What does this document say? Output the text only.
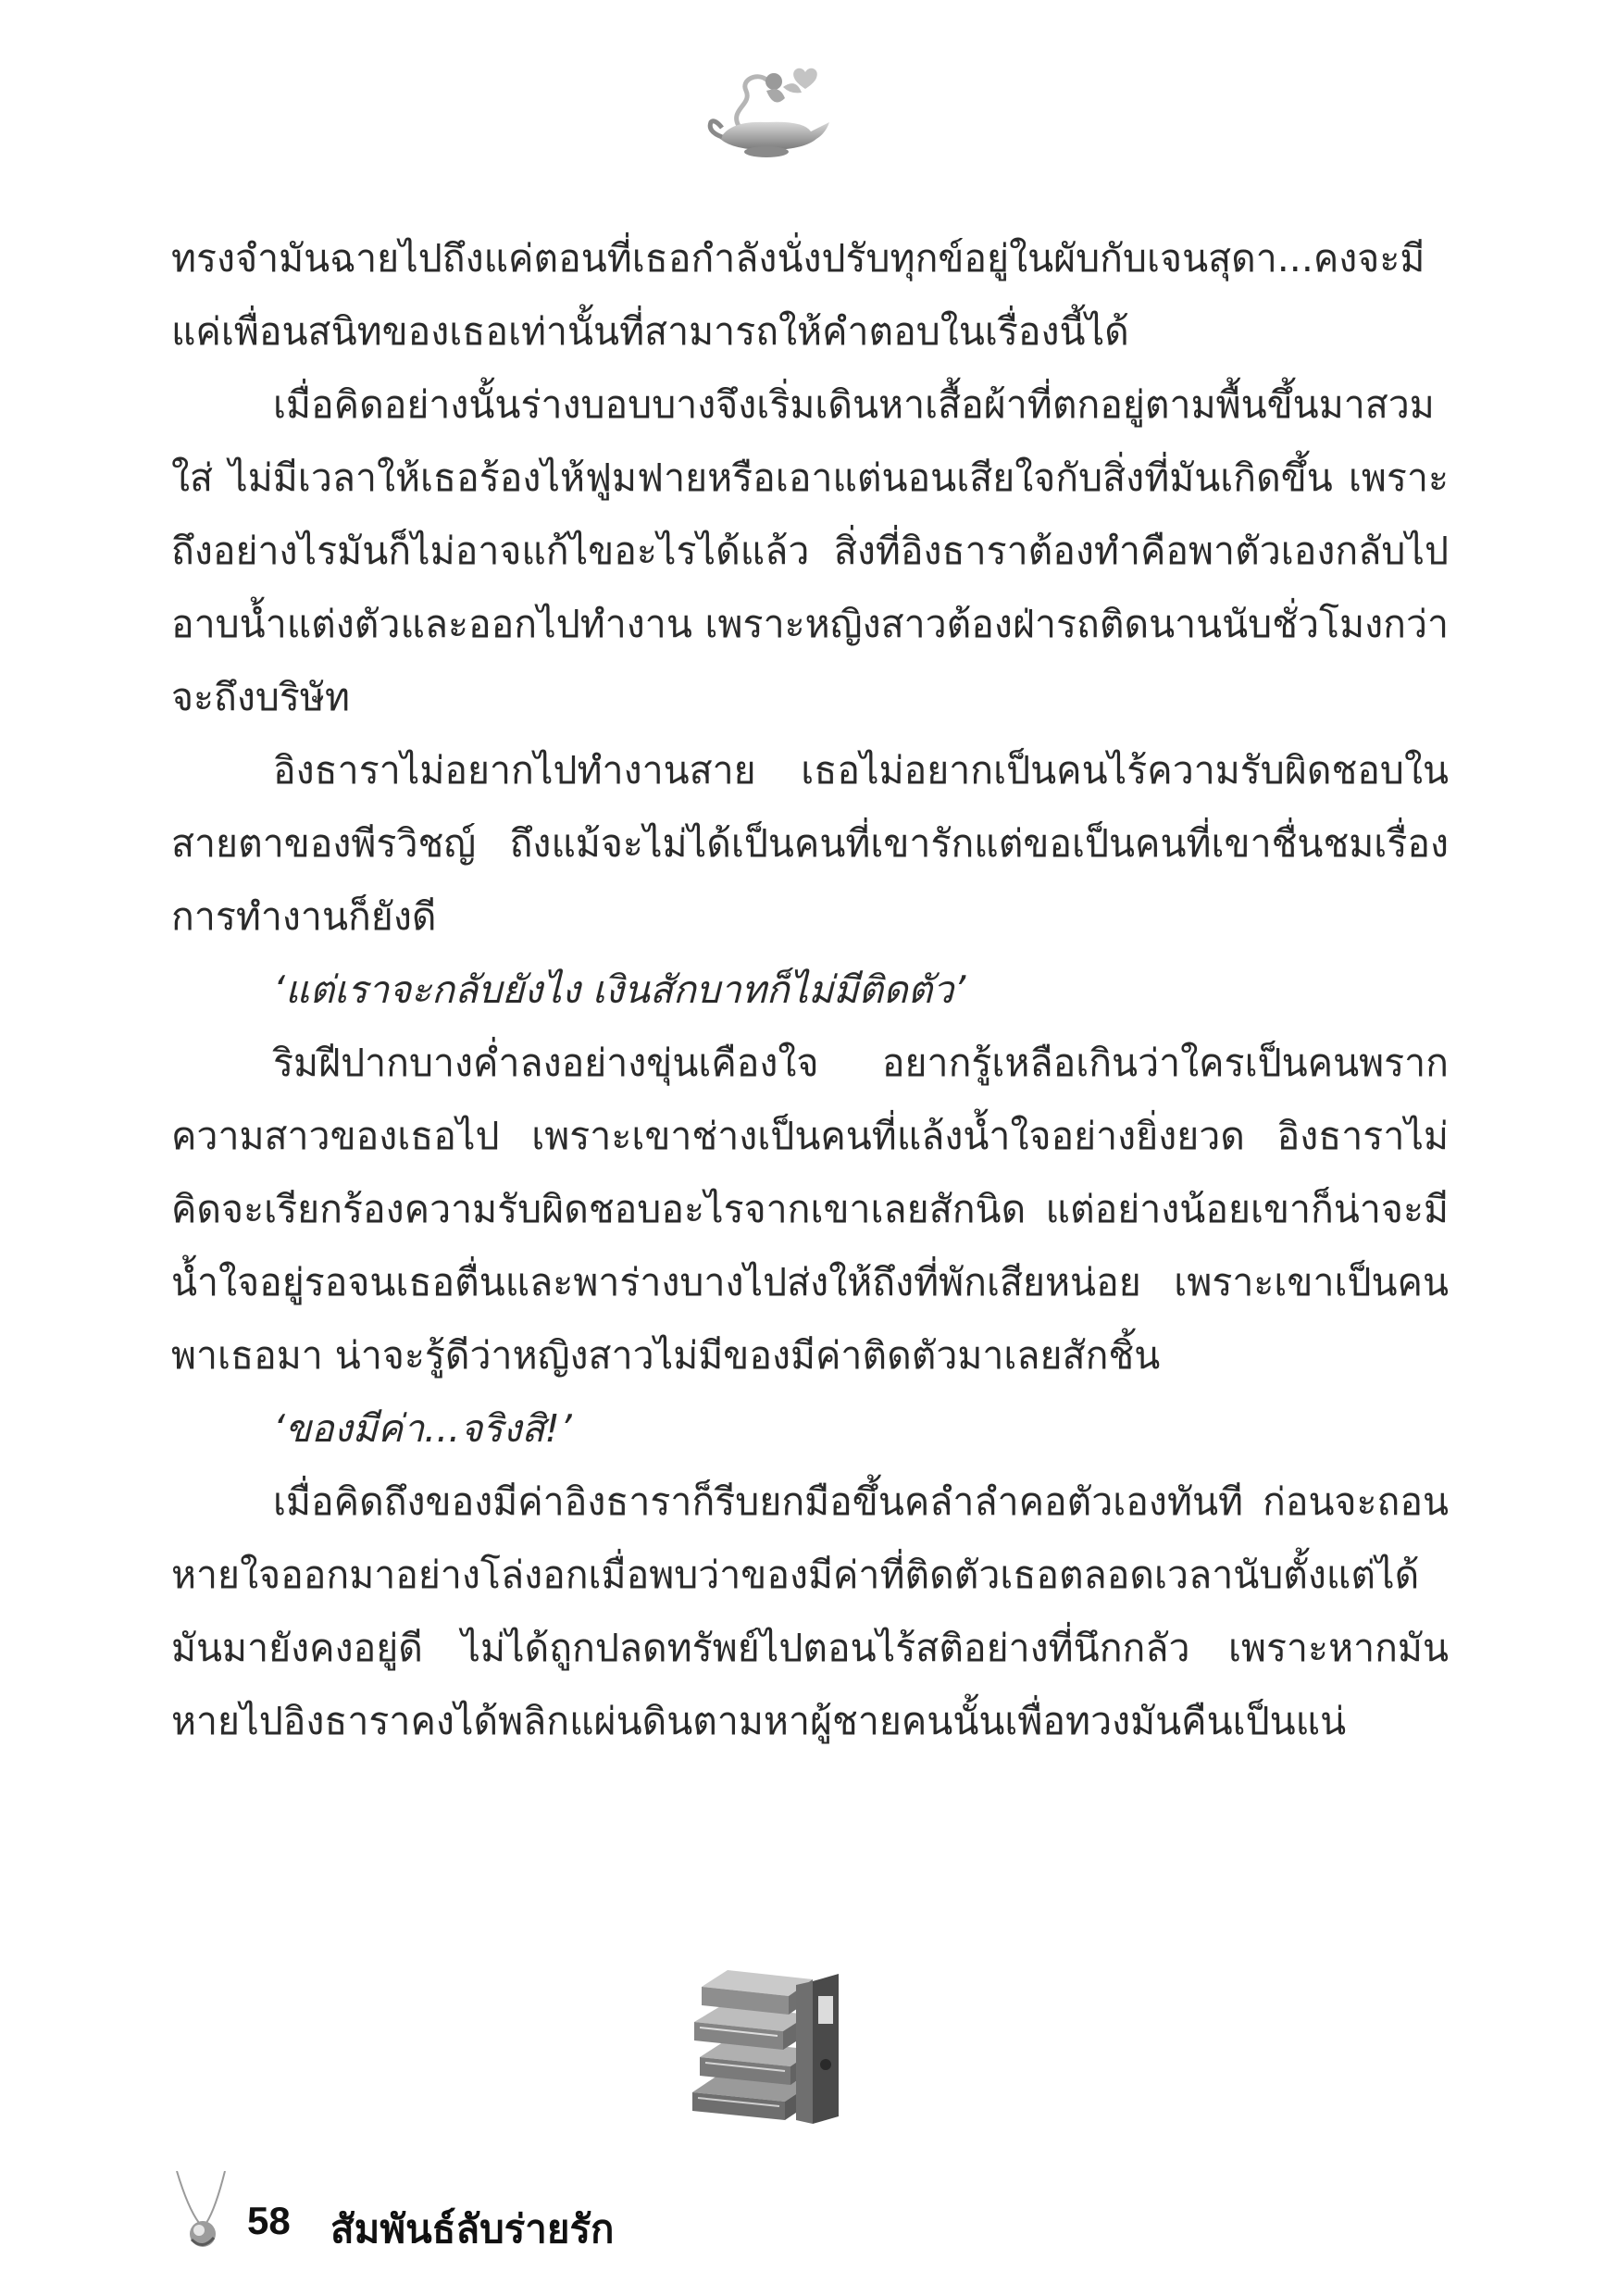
ทรงจำมันฉายไปถึงแค่ตอนที่เธอกำลังนั่งปรับทุกข์อยู่ในผับกับเจนสุดา...คงจะมีแค่เพื่อนสนิทของเธอเท่านั้นที่สามารถให้คำตอบในเรื่องนี้ได้

เมื่อคิดอย่างนั้นร่างบอบบางจึงเริ่มเดินหาเสื้อผ้าที่ตกอยู่ตามพื้นขึ้นมาสวมใส่ ไม่มีเวลาให้เธอร้องไห้ฟูมฟายหรือเอาแต่นอนเสียใจกับสิ่งที่มันเกิดขึ้น เพราะถึงอย่างไรมันก็ไม่อาจแก้ไขอะไรได้แล้ว สิ่งที่อิงธาราต้องทำคือพาตัวเองกลับไปอาบน้ำแต่งตัวและออกไปทำงาน เพราะหญิงสาวต้องฝ่ารถติดนานนับชั่วโมงกว่าจะถึงบริษัท

อิงธาราไม่อยากไปทำงานสาย เธอไม่อยากเป็นคนไร้ความรับผิดชอบในสายตาของพีรวิชญ์ ถึงแม้จะไม่ได้เป็นคนที่เขารักแต่ขอเป็นคนที่เขาชื่นชมเรื่องการทำงานก็ยังดี

‘แต่เราจะกลับยังไง เงินสักบาทก็ไม่มีติดตัว’

ริมฝีปากบางค่ำลงอย่างขุ่นเคืองใจ อยากรู้เหลือเกินว่าใครเป็นคนพรากความสาวของเธอไป เพราะเขาช่างเป็นคนที่แล้งน้ำใจอย่างยิ่งยวด อิงธาราไม่คิดจะเรียกร้องความรับผิดชอบอะไรจากเขาเลยสักนิด แต่อย่างน้อยเขาก็น่าจะมีน้ำใจอยู่รอจนเธอตื่นและพาร่างบางไปส่งให้ถึงที่พักเสียหน่อย เพราะเขาเป็นคนพาเธอมา น่าจะรู้ดีว่าหญิงสาวไม่มีของมีค่าติดตัวมาเลยสักชิ้น

‘ของมีค่า...จริงสิ!’

เมื่อคิดถึงของมีค่าอิงธาราก็รีบยกมือขึ้นคลำลำคอตัวเองทันที ก่อนจะถอนหายใจออกมาอย่างโล่งอกเมื่อพบว่าของมีค่าที่ติดตัวเธอตลอดเวลานับตั้งแต่ได้มันมายังคงอยู่ดี ไม่ได้ถูกปลดทรัพย์ไปตอนไร้สติอย่างที่นึกกลัว เพราะหากมันหายไปอิงธาราคงได้พลิกแผ่นดินตามหาผู้ชายคนนั้นเพื่อทวงมันคืนเป็นแน่

58 สัมพันธ์ลับร่ายรัก
